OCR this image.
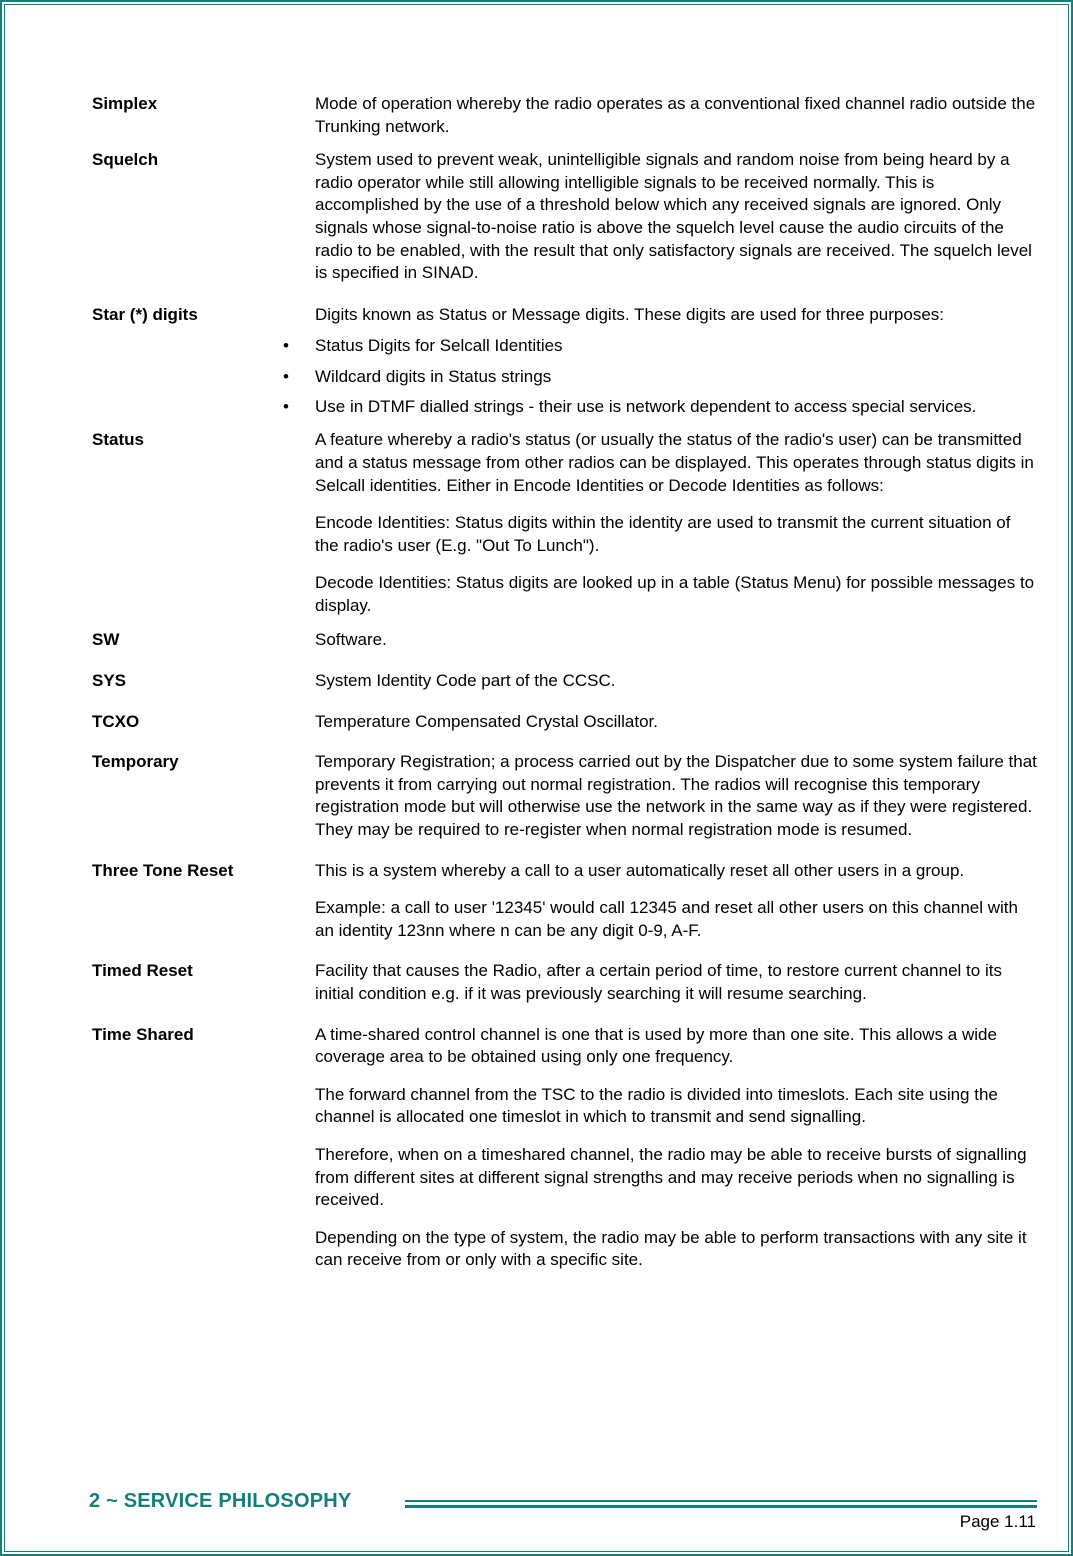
Simplex	Mode of operation whereby the radio operates as a conventional fixed channel radio outside the Trunking network.

Squelch	System used to prevent weak, unintelligible signals and random noise from being heard by a radio operator while still allowing intelligible signals to be received normally. This is accomplished by the use of a threshold below which any received signals are ignored. Only signals whose signal-to-noise ratio is above the squelch level cause the audio circuits of the radio to be enabled, with the result that only satisfactory signals are received. The squelch level is specified in SINAD.

Star (*) digits	Digits known as Status or Message digits. These digits are used for three purposes:

• Status Digits for Selcall Identities
• Wildcard digits in Status strings
• Use in DTMF dialled strings - their use is network dependent to access special services.
Status	A feature whereby a radio's status (or usually the status of the radio's user) can be transmitted and a status message from other radios can be displayed. This operates through status digits in Selcall identities. Either in Encode Identities or Decode Identities as follows:

Encode Identities: Status digits within the identity are used to transmit the current situation of the radio's user (E.g. "Out To Lunch").

Decode Identities: Status digits are looked up in a table (Status Menu) for possible messages to display.

SW	Software.

SYS	System Identity Code part of the CCSC.

TCXO	Temperature Compensated Crystal Oscillator.

Temporary	Temporary Registration; a process carried out by the Dispatcher due to some system failure that prevents it from carrying out normal registration. The radios will recognise this temporary registration mode but will otherwise use the network in the same way as if they were registered. They may be required to re-register when normal registration mode is resumed.

Three Tone Reset	This is a system whereby a call to a user automatically reset all other users in a group.

Example: a call to user '12345' would call 12345 and reset all other users on this channel with an identity 123nn where n can be any digit 0-9, A-F.

Timed Reset	Facility that causes the Radio, after a certain period of time, to restore current channel to its initial condition e.g. if it was previously searching it will resume searching.

Time Shared	A time-shared control channel is one that is used by more than one site. This allows a wide coverage area to be obtained using only one frequency.

The forward channel from the TSC to the radio is divided into timeslots. Each site using the channel is allocated one timeslot in which to transmit and send signalling.

Therefore, when on a timeshared channel, the radio may be able to receive bursts of signalling from different sites at different signal strengths and may receive periods when no signalling is received.

Depending on the type of system, the radio may be able to perform transactions with any site it can receive from or only with a specific site.

2 ~ SERVICE PHILOSOPHY
Page 1.11
